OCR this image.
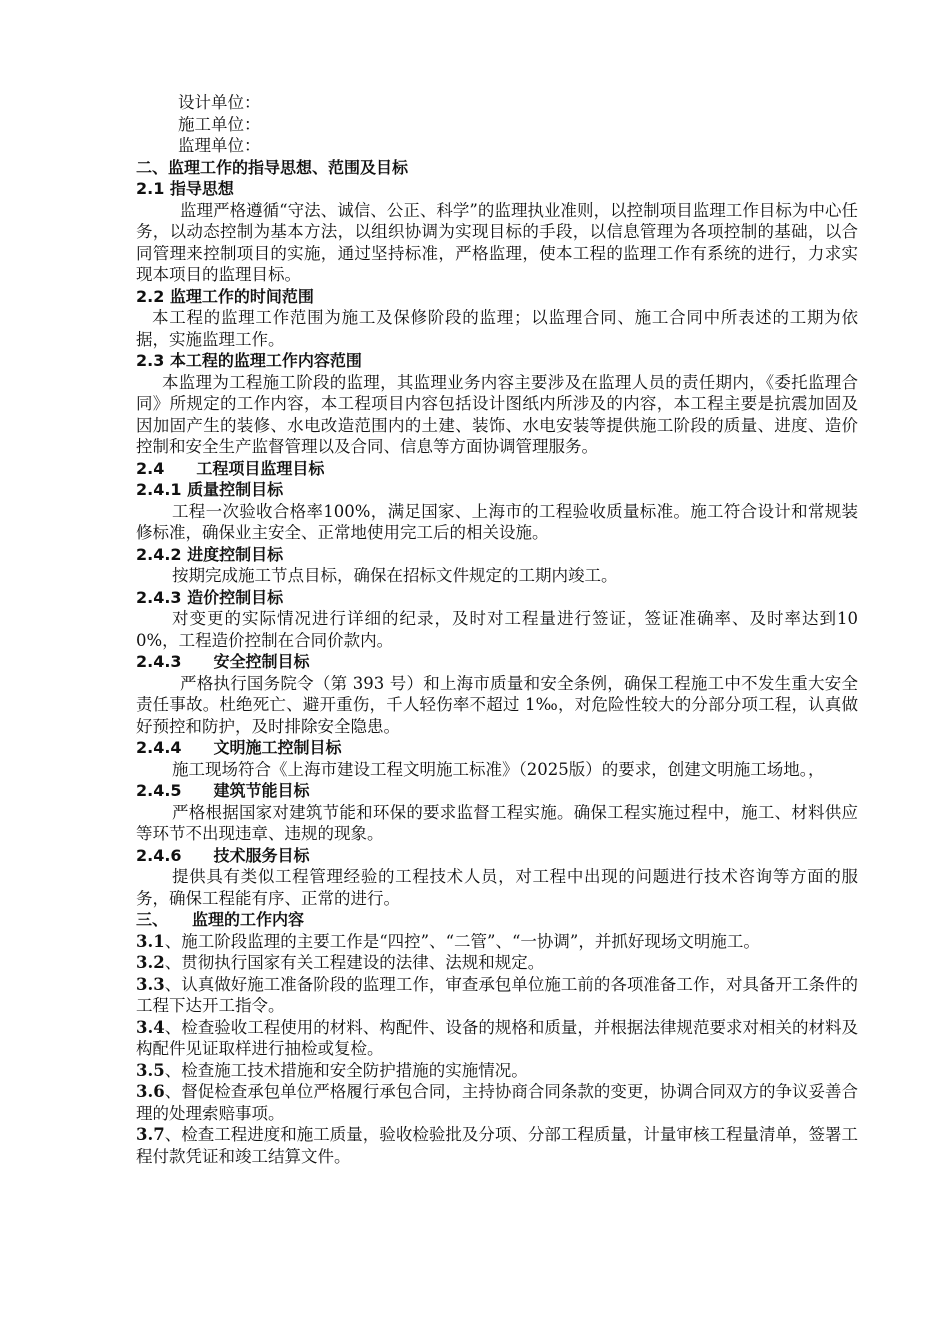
设计单位：
施工单位：
监理单位：
二、监理工作的指导思想、范围及目标
2.1 指导思想
监理严格遵循“守法、诚信、公正、科学”的监理执业准则，以控制项目监理工作目标为中心任务，以动态控制为基本方法，以组织协调为实现目标的手段，以信息管理为各项控制的基础，以合同管理来控制项目的实施，通过坚持标准，严格监理，使本工程的监理工作有系统的进行，力求实现本项目的监理目标。
2.2 监理工作的时间范围
本工程的监理工作范围为施工及保修阶段的监理；以监理合同、施工合同中所表述的工期为依据，实施监理工作。
2.3 本工程的监理工作内容范围
本监理为工程施工阶段的监理，其监理业务内容主要涉及在监理人员的责任期内，《委托监理合同》所规定的工作内容，本工程项目内容包括设计图纸内所涉及的内容，本工程主要是抗震加固及因加固产生的装修、水电改造范围内的土建、装饰、水电安装等提供施工阶段的质量、进度、造价控制和安全生产监督管理以及合同、信息等方面协调管理服务。
2.4　　工程项目监理目标
2.4.1 质量控制目标
工程一次验收合格率100%，满足国家、上海市的工程验收质量标准。施工符合设计和常规装修标准，确保业主安全、正常地使用完工后的相关设施。
2.4.2 进度控制目标
按期完成施工节点目标，确保在招标文件规定的工期内竣工。
2.4.3 造价控制目标
对变更的实际情况进行详细的纪录，及时对工程量进行签证，签证准确率、及时率达到100%，工程造价控制在合同价款内。
2.4.3　　安全控制目标
严格执行国务院令（第 393 号）和上海市质量和安全条例，确保工程施工中不发生重大安全责任事故。杜绝死亡、避开重伤，千人轻伤率不超过 1‰，对危险性较大的分部分项工程，认真做好预控和防护，及时排除安全隐患。
2.4.4　　文明施工控制目标
施工现场符合《上海市建设工程文明施工标准》（2025版）的要求，创建文明施工场地。，
2.4.5　　建筑节能目标
严格根据国家对建筑节能和环保的要求监督工程实施。确保工程实施过程中，施工、材料供应等环节不出现违章、违规的现象。
2.4.6　　技术服务目标
提供具有类似工程管理经验的工程技术人员，对工程中出现的问题进行技术咨询等方面的服务，确保工程能有序、正常的进行。
三、　　监理的工作内容
3.1、施工阶段监理的主要工作是“四控”、“二管”、“一协调”，并抓好现场文明施工。
3.2、贯彻执行国家有关工程建设的法律、法规和规定。
3.3、认真做好施工准备阶段的监理工作，审查承包单位施工前的各项准备工作，对具备开工条件的工程下达开工指令。
3.4、检查验收工程使用的材料、构配件、设备的规格和质量，并根据法律规范要求对相关的材料及构配件见证取样进行抽检或复检。
3.5、检查施工技术措施和安全防护措施的实施情况。
3.6、督促检查承包单位严格履行承包合同，主持协商合同条款的变更，协调合同双方的争议妥善合理的处理索赔事项。
3.7、检查工程进度和施工质量，验收检验批及分项、分部工程质量，计量审核工程量清单，签署工程付款凭证和竣工结算文件。
